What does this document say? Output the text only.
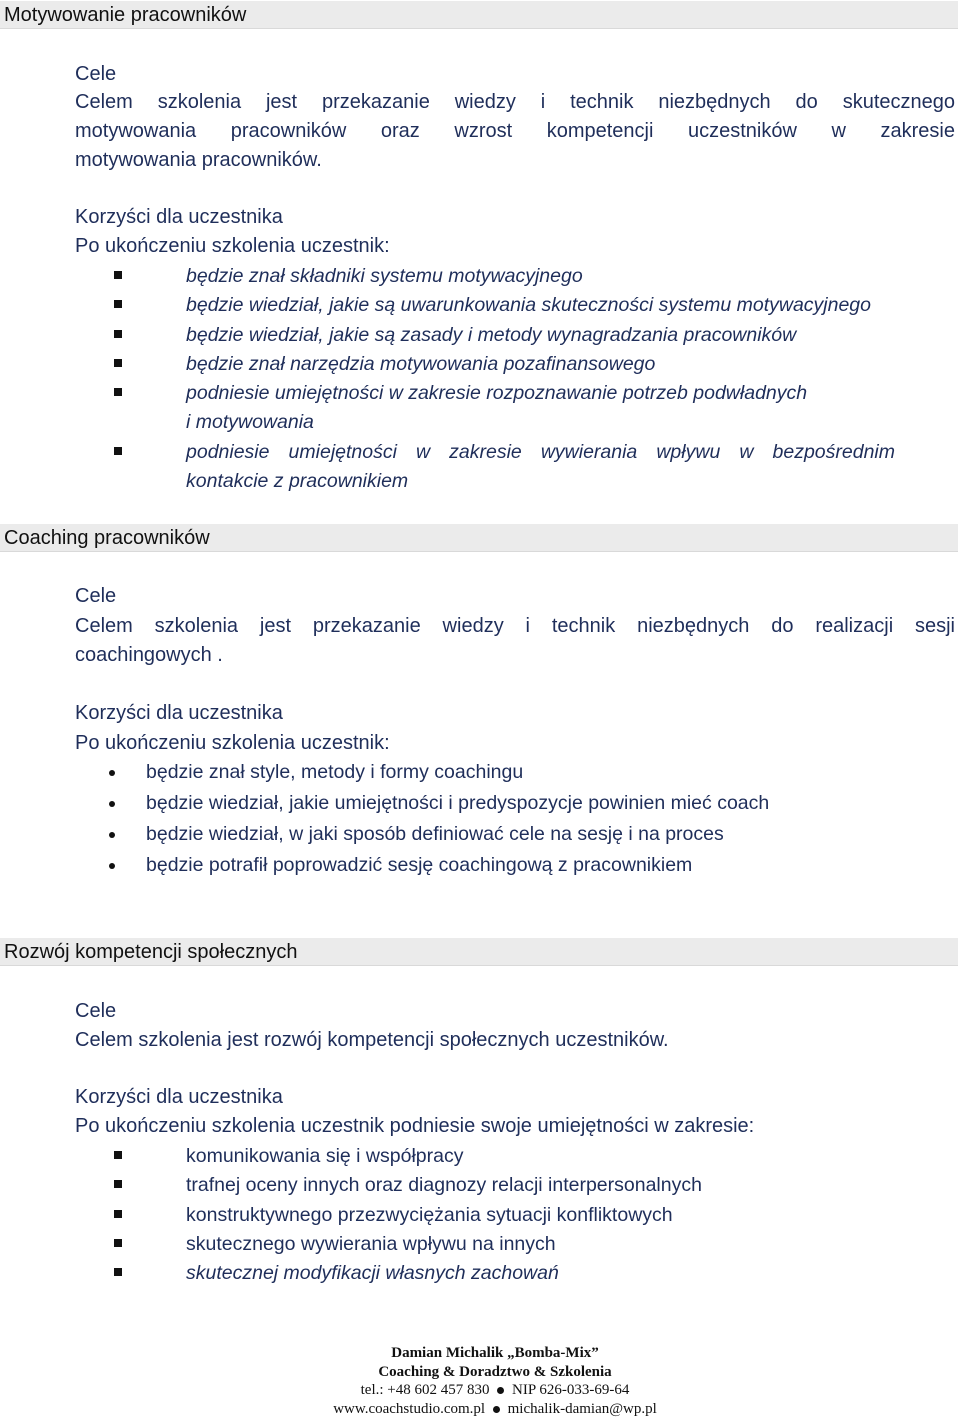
Motywowanie pracowników
Cele
Celem szkolenia jest przekazanie wiedzy i technik niezbędnych do skutecznego
motywowania pracowników oraz wzrost kompetencji uczestników w zakresie
motywowania pracowników.
Korzyści dla uczestnika
Po ukończeniu szkolenia uczestnik:
będzie znał składniki systemu motywacyjnego
będzie wiedział, jakie są uwarunkowania skuteczności systemu motywacyjnego
będzie wiedział, jakie są zasady i metody wynagradzania pracowników
będzie znał narzędzia motywowania pozafinansowego
podniesie umiejętności w zakresie rozpoznawanie potrzeb podwładnych
i motywowania
podniesie umiejętności w zakresie wywierania wpływu w bezpośrednim
kontakcie z pracownikiem
Coaching pracowników
Cele
Celem szkolenia jest przekazanie wiedzy i technik niezbędnych do realizacji sesji
coachingowych .
Korzyści dla uczestnika
Po ukończeniu szkolenia uczestnik:
będzie znał style, metody i formy coachingu
będzie wiedział, jakie umiejętności i predyspozycje powinien mieć coach
będzie wiedział, w jaki sposób definiować cele na sesję i na proces
będzie potrafił poprowadzić sesję coachingową z pracownikiem
Rozwój kompetencji społecznych
Cele
Celem szkolenia jest rozwój kompetencji społecznych uczestników.
Korzyści dla uczestnika
Po ukończeniu szkolenia uczestnik podniesie swoje umiejętności w zakresie:
komunikowania się i współpracy
trafnej oceny innych oraz diagnozy relacji interpersonalnych
konstruktywnego przezwyciężania sytuacji konfliktowych
skutecznego wywierania wpływu na innych
skutecznej modyfikacji własnych zachowań
Damian Michalik „Bomba-Mix”
Coaching & Doradztwo & Szkolenia
tel.: +48 602 457 830 NIP 626-033-69-64
www.coachstudio.com.pl michalik-damian@wp.pl
